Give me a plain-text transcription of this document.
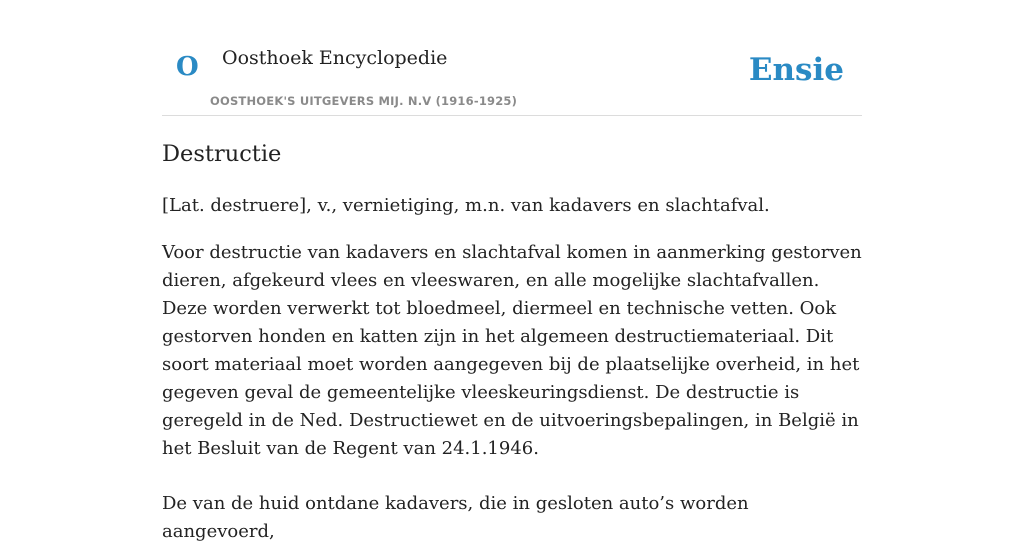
O Oosthoek Encyclopedie
OOSTHOEK'S UITGEVERS MIJ. N.V (1916-1925)
Ensie
Destructie

[Lat. destruere], v., vernietiging, m.n. van kadavers en slachtafval.

Voor destructie van kadavers en slachtafval komen in aanmerking gestorven dieren, afgekeurd vlees en vleeswaren, en alle mogelijke slachtafvallen. Deze worden verwerkt tot bloedmeel, diermeel en technische vetten. Ook gestorven honden en katten zijn in het algemeen destructiemateriaal. Dit soort materiaal moet worden aangegeven bij de plaatselijke overheid, in het gegeven geval de gemeentelijke vleeskeuringsdienst. De destructie is geregeld in de Ned. Destructiewet en de uitvoeringsbepalingen, in België in het Besluit van de Regent van 24.1.1946.

De van de huid ontdane kadavers, die in gesloten auto’s worden aangevoerd,
